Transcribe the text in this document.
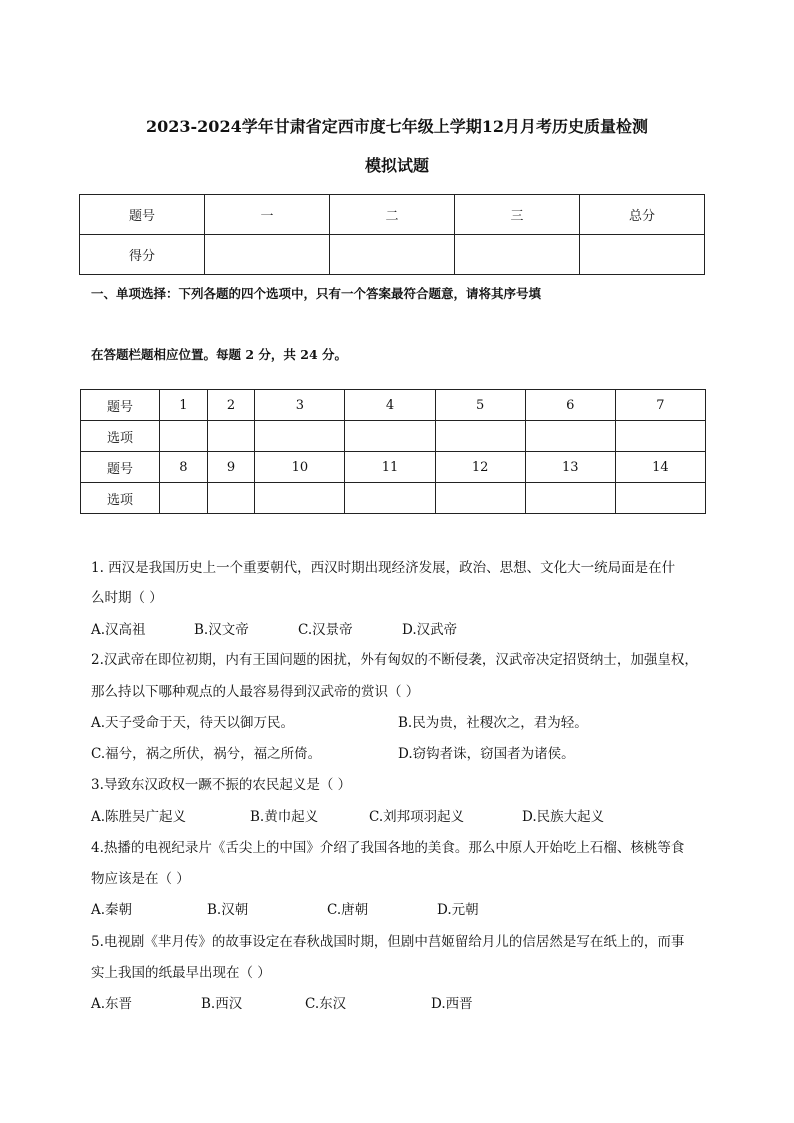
2023-2024学年甘肃省定西市度七年级上学期12月月考历史质量检测
模拟试题
题号	一	二	三	总分
得分				
一、单项选择：下列各题的四个选项中，只有一个答案最符合题意，请将其序号填
在答题栏题相应位置。每题 2 分，共 24 分。
题号	1	2	3	4	5	6	7
选项							
题号	8	9	10	11	12	13	14
选项							
1. 西汉是我国历史上一个重要朝代，西汉时期出现经济发展，政治、思想、文化大一统局面是在什
么时期（ ）
A.汉高祖	B.汉文帝	C.汉景帝	D.汉武帝
2.汉武帝在即位初期，内有王国问题的困扰，外有匈奴的不断侵袭，汉武帝决定招贤纳士，加强皇权，
那么持以下哪种观点的人最容易得到汉武帝的赏识（ ）
A.天子受命于天，待天以御万民。	B.民为贵，社稷次之，君为轻。
C.福兮，祸之所伏，祸兮，福之所倚。	D.窃钩者诛，窃国者为诸侯。
3.导致东汉政权一蹶不振的农民起义是（ ）
A.陈胜吴广起义	B.黄巾起义	C.刘邦项羽起义	D.民族大起义
4.热播的电视纪录片《舌尖上的中国》介绍了我国各地的美食。那么中原人开始吃上石榴、核桃等食
物应该是在（ ）
A.秦朝	B.汉朝	C.唐朝	D.元朝
5.电视剧《芈月传》的故事设定在春秋战国时期，但剧中莒姬留给月儿的信居然是写在纸上的，而事
实上我国的纸最早出现在（ ）
A.东晋	B.西汉	C.东汉	D.西晋
